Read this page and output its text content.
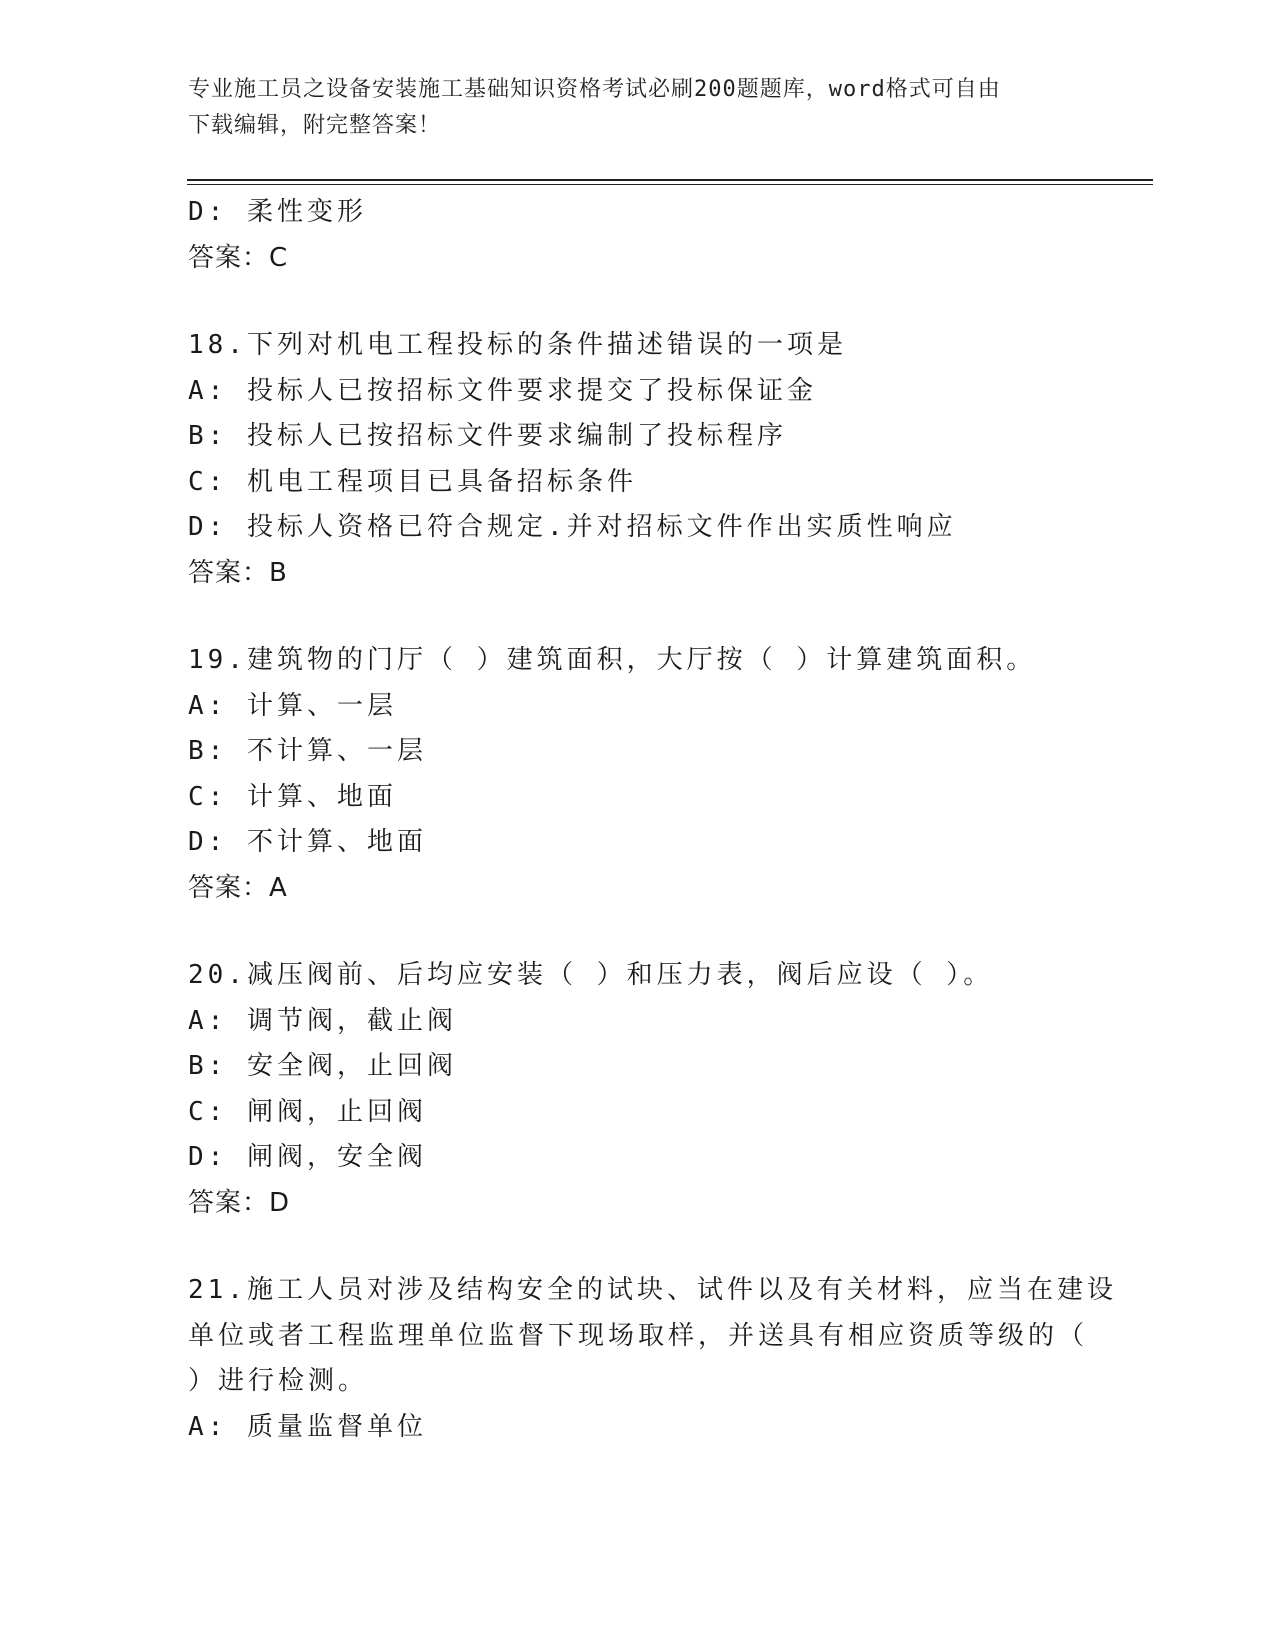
专业施工员之设备安装施工基础知识资格考试必刷200题题库，word格式可自由
下载编辑，附完整答案！
D: 柔性变形
答案：C
18.下列对机电工程投标的条件描述错误的一项是
A: 投标人已按招标文件要求提交了投标保证金
B: 投标人已按招标文件要求编制了投标程序
C: 机电工程项目已具备招标条件
D: 投标人资格已符合规定.并对招标文件作出实质性响应
答案：B
19.建筑物的门厅（ ）建筑面积，大厅按（ ）计算建筑面积。
A: 计算、一层
B: 不计算、一层
C: 计算、地面
D: 不计算、地面
答案：A
20.减压阀前、后均应安装（ ）和压力表，阀后应设（ ）。
A: 调节阀，截止阀
B: 安全阀，止回阀
C: 闸阀，止回阀
D: 闸阀，安全阀
答案：D
21.施工人员对涉及结构安全的试块、试件以及有关材料，应当在建设
单位或者工程监理单位监督下现场取样，并送具有相应资质等级的（
）进行检测。
A: 质量监督单位
